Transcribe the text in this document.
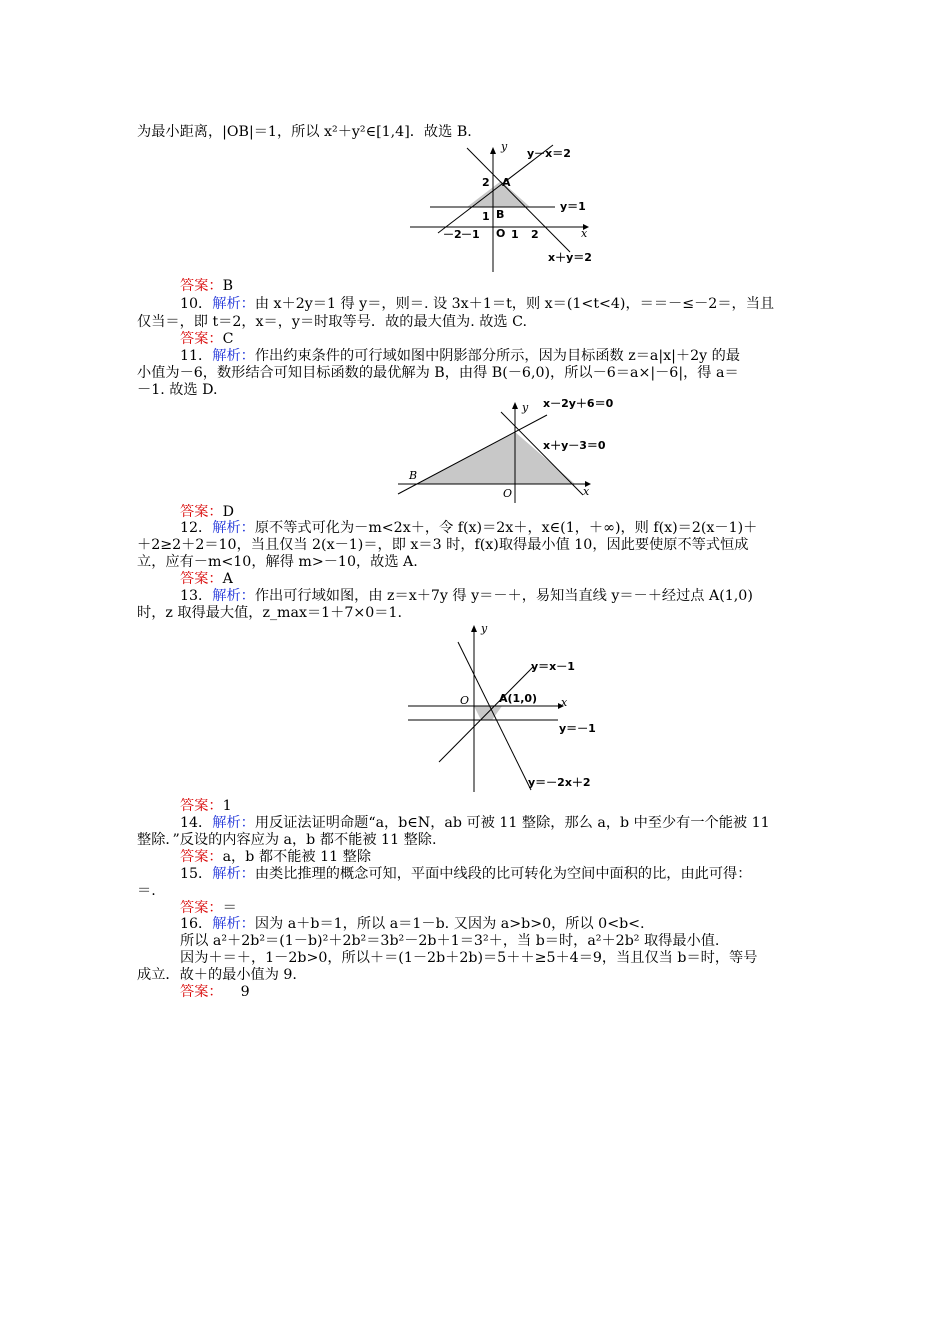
为最小距离，|OB|＝1，所以 x²＋y²∈[1,4]．故选 B.
y
x
y－x＝2
y＝1
x＋y＝2
A
B
O
2
1
－2 －1	1 2
答案：B
10．解析：由 x＋2y＝1 得 y＝，则＝. 设 3x＋1＝t，则 x＝(1<t<4)，＝＝－≤－2＝，当且
仅当＝，即 t＝2，x＝，y＝时取等号．故的最大值为. 故选 C.
答案：C
11．解析：作出约束条件的可行域如图中阴影部分所示，因为目标函数 z＝a|x|＋2y 的最
小值为－6，数形结合可知目标函数的最优解为 B，由得 B(－6,0)，所以－6＝a×|－6|，得 a＝
－1. 故选 D.
y
x
x－2y＋6＝0
x＋y－3＝0
B
O
答案：D
12．解析：原不等式可化为－m<2x＋，令 f(x)＝2x＋，x∈(1，＋∞)，则 f(x)＝2(x－1)＋
＋2≥2＋2＝10，当且仅当 2(x－1)＝，即 x＝3 时，f(x)取得最小值 10，因此要使原不等式恒成
立，应有－m<10，解得 m>－10，故选 A.
答案：A
13．解析：作出可行域如图，由 z＝x＋7y 得 y＝－＋，易知当直线 y＝－＋经过点 A(1,0)
时，z 取得最大值，z_max＝1＋7×0＝1.
y
x
y＝x－1
y＝－1
y＝－2x＋2
A(1,0)
O
答案：1
14．解析：用反证法证明命题“a，b∈N，ab 可被 11 整除，那么 a，b 中至少有一个能被 11
整除．”反设的内容应为 a，b 都不能被 11 整除.
答案：a，b 都不能被 11 整除
15．解析：由类比推理的概念可知，平面中线段的比可转化为空间中面积的比，由此可得：
＝.
答案：＝
16．解析：因为 a＋b＝1，所以 a＝1－b. 又因为 a>b>0，所以 0<b<.
所以 a²＋2b²＝(1－b)²＋2b²＝3b²－2b＋1＝3²＋，当 b＝时，a²＋2b² 取得最小值.
因为＋＝＋，1－2b>0，所以＋＝(1－2b＋2b)＝5＋＋≥5＋4＝9，当且仅当 b＝时，等号
成立．故＋的最小值为 9.
答案： 9
